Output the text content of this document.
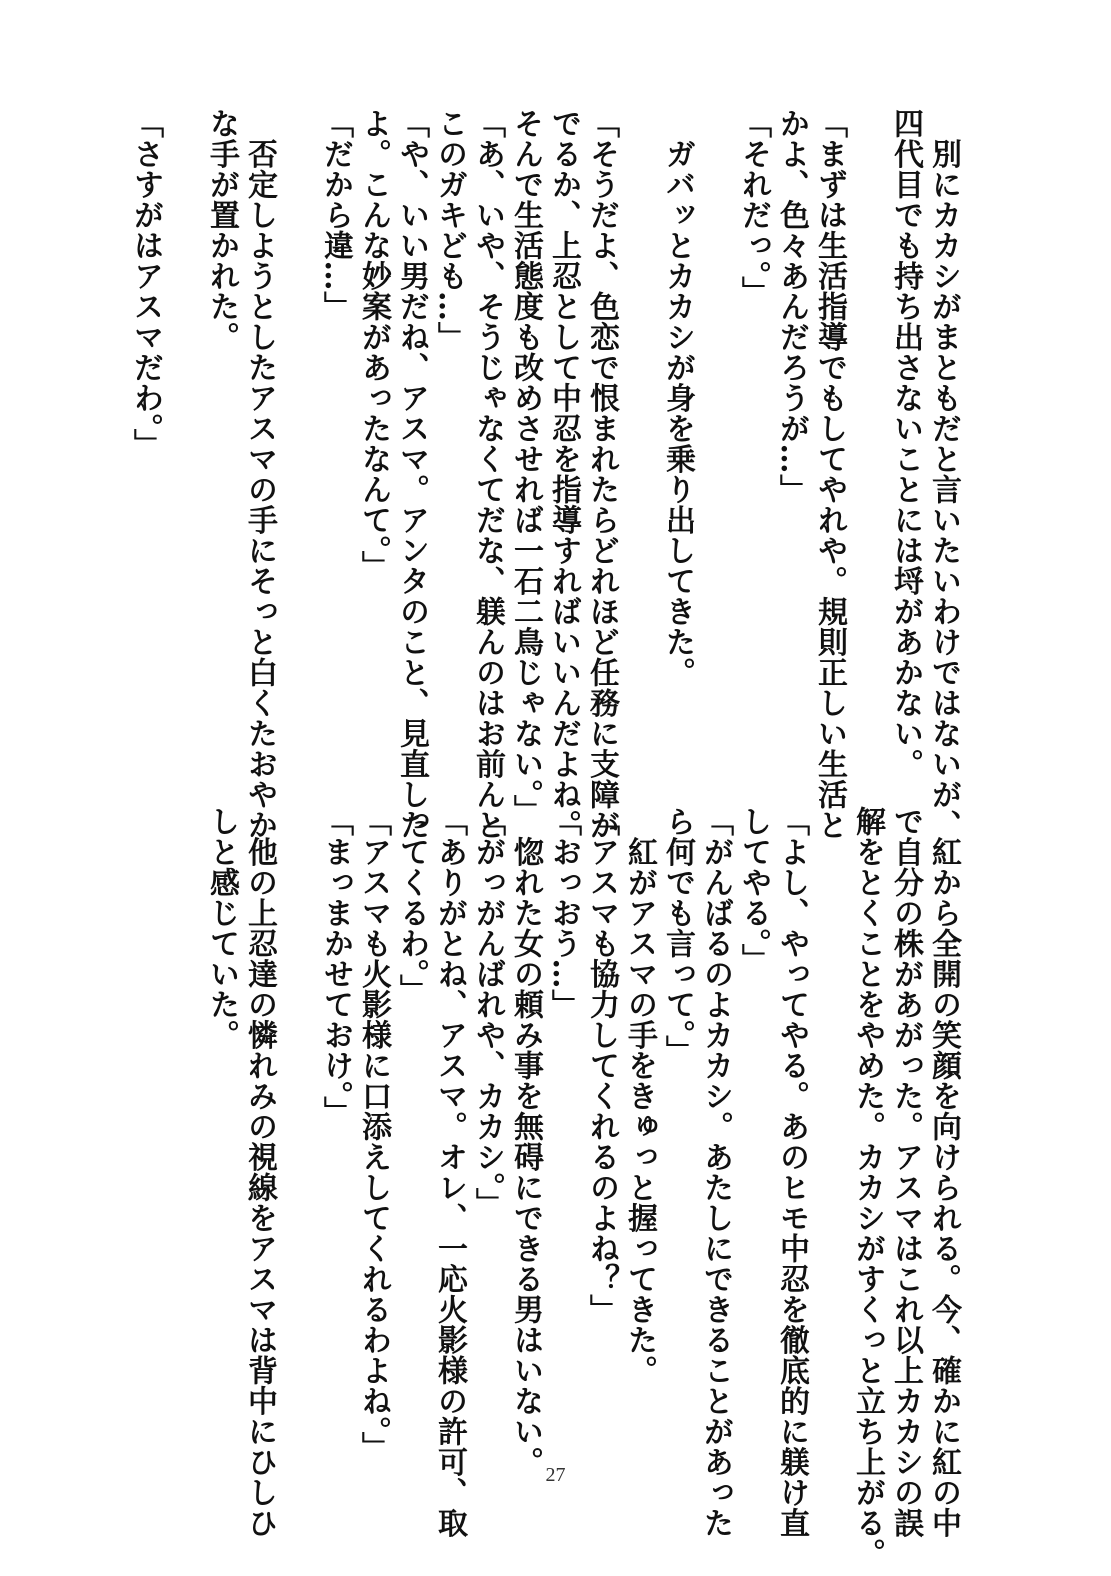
　別にカカシがまともだと言いたいわけではないが、
四代目でも持ち出さないことには埒があかない。

「まずは生活指導でもしてやれや。規則正しい生活と
かよ、色々あんだろうが…」
「それだっ。」

　ガバッとカカシが身を乗り出してきた。

「そうだよ、色恋で恨まれたらどれほど任務に支障が
でるか、上忍として中忍を指導すればいいんだよね。
そんで生活態度も改めさせれば一石二鳥じゃない。」
「あ、いや、そうじゃなくてだな、躾んのはお前んと
このガキども…」
「や、いい男だね、アスマ。アンタのこと、見直した
よ。こんな妙案があったなんて。」
「だから違…」

　否定しようとしたアスマの手にそっと白くたおやか
な手が置かれた。

「さすがはアスマだわ。」
　紅から全開の笑顔を向けられる。今、確かに紅の中
で自分の株があがった。アスマはこれ以上カカシの誤
解をとくことをやめた。カカシがすくっと立ち上がる。

「よし、やってやる。あのヒモ中忍を徹底的に躾け直
してやる。」
「がんばるのよカカシ。あたしにできることがあった
ら何でも言って。」
　紅がアスマの手をきゅっと握ってきた。
「アスマも協力してくれるのよね？」
「おっおう…」
　惚れた女の頼み事を無碍にできる男はいない。
「がっがんばれや、カカシ。」
「ありがとね、アスマ。オレ、一応火影様の許可、取
ってくるわ。」
「アスマも火影様に口添えしてくれるわよね。」
「まっまかせておけ。」

　他の上忍達の憐れみの視線をアスマは背中にひしひ
しと感じていた。
27
